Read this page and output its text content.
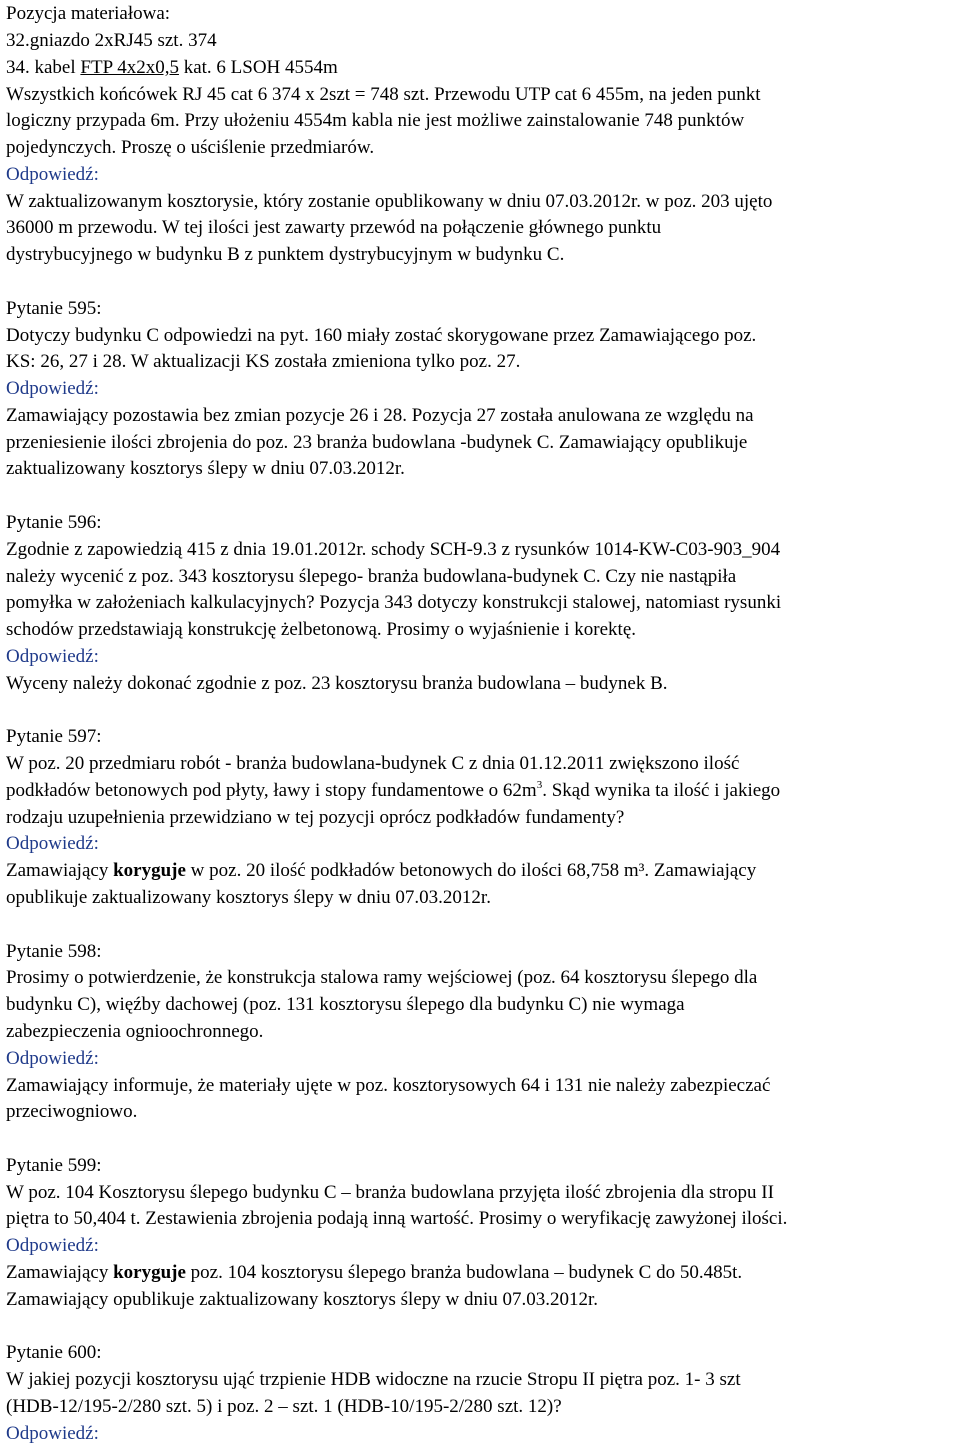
Pozycja materiałowa:
32.gniazdo 2xRJ45 szt. 374
34. kabel FTP 4x2x0,5 kat. 6 LSOH 4554m
Wszystkich końcówek RJ 45 cat 6 374 x 2szt = 748 szt. Przewodu UTP cat 6 455m, na jeden punkt
logiczny przypada 6m. Przy ułożeniu 4554m kabla nie jest możliwe zainstalowanie 748 punktów
pojedynczych. Proszę o uściślenie przedmiarów.
Odpowiedź:
W zaktualizowanym kosztorysie, który zostanie opublikowany w dniu 07.03.2012r. w poz. 203 ujęto
36000 m przewodu. W tej ilości jest zawarty przewód na połączenie głównego punktu
dystrybucyjnego w budynku B z punktem dystrybucyjnym w budynku C.
Pytanie 595:
Dotyczy budynku C odpowiedzi na pyt. 160 miały zostać skorygowane przez Zamawiającego poz.
KS: 26, 27 i 28. W aktualizacji KS została zmieniona tylko poz. 27.
Odpowiedź:
Zamawiający pozostawia bez zmian pozycje 26 i 28. Pozycja 27 została anulowana ze względu na
przeniesienie ilości zbrojenia do poz. 23 branża budowlana -budynek C. Zamawiający opublikuje
zaktualizowany kosztorys ślepy w dniu 07.03.2012r.
Pytanie 596:
Zgodnie z zapowiedzią 415 z dnia 19.01.2012r. schody SCH-9.3 z rysunków 1014-KW-C03-903_904
należy wycenić z poz. 343 kosztorysu ślepego- branża budowlana-budynek C. Czy nie nastąpiła
pomyłka w założeniach kalkulacyjnych? Pozycja 343 dotyczy konstrukcji stalowej, natomiast rysunki
schodów przedstawiają konstrukcję żelbetonową. Prosimy o wyjaśnienie i korektę.
Odpowiedź:
Wyceny należy dokonać zgodnie z poz. 23 kosztorysu branża budowlana – budynek B.
Pytanie 597:
W poz. 20 przedmiaru robót - branża budowlana-budynek C z dnia 01.12.2011 zwiększono ilość
podkładów betonowych pod płyty, ławy i stopy fundamentowe o $62m^3$. Skąd wynika ta ilość i jakiego
rodzaju uzupełnienia przewidziano w tej pozycji oprócz podkładów fundamenty?
Odpowiedź:
Zamawiający koryguje w poz. 20 ilość podkładów betonowych do ilości 68,758 m³. Zamawiający
opublikuje zaktualizowany kosztorys ślepy w dniu 07.03.2012r.
Pytanie 598:
Prosimy o potwierdzenie, że konstrukcja stalowa ramy wejściowej (poz. 64 kosztorysu ślepego dla
budynku C), więźby dachowej (poz. 131 kosztorysu ślepego dla budynku C) nie wymaga
zabezpieczenia ognioochronnego.
Odpowiedź:
Zamawiający informuje, że materiały ujęte w poz. kosztorysowych 64 i 131 nie należy zabezpieczać
przeciwogniowo.
Pytanie 599:
W poz. 104 Kosztorysu ślepego budynku C – branża budowlana przyjęta ilość zbrojenia dla stropu II
piętra to 50,404 t. Zestawienia zbrojenia podają inną wartość. Prosimy o weryfikację zawyżonej ilości.
Odpowiedź:
Zamawiający koryguje poz. 104 kosztorysu ślepego branża budowlana – budynek C do 50.485t.
Zamawiający opublikuje zaktualizowany kosztorys ślepy w dniu 07.03.2012r.
Pytanie 600:
W jakiej pozycji kosztorysu ująć trzpienie HDB widoczne na rzucie Stropu II piętra poz. 1- 3 szt
(HDB-12/195-2/280 szt. 5) i poz. 2 – szt. 1 (HDB-10/195-2/280 szt. 12)?
Odpowiedź:
